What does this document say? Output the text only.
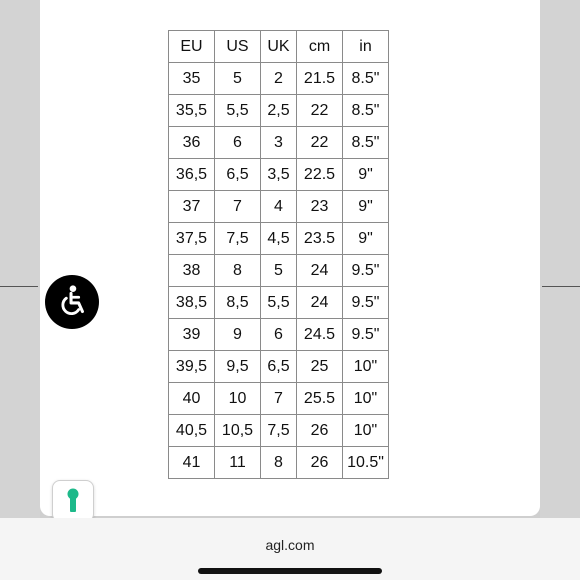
EU	US	UK	cm	in
35	5	2	21.5	8.5"
35,5	5,5	2,5	22	8.5"
36	6	3	22	8.5"
36,5	6,5	3,5	22.5	9"
37	7	4	23	9"
37,5	7,5	4,5	23.5	9"
38	8	5	24	9.5"
38,5	8,5	5,5	24	9.5"
39	9	6	24.5	9.5"
39,5	9,5	6,5	25	10"
40	10	7	25.5	10"
40,5	10,5	7,5	26	10"
41	11	8	26	10.5"
agl.com
